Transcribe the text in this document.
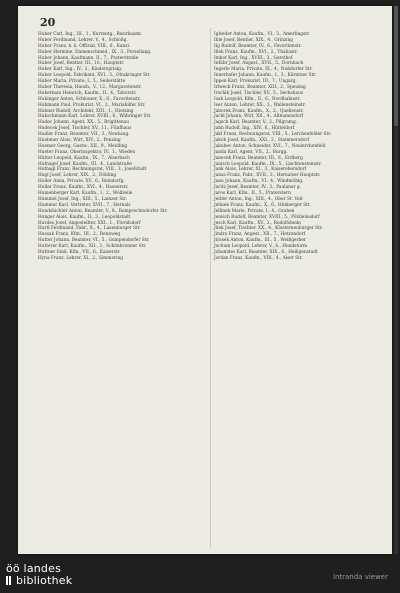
20
Huber Carl, Ing., III., 1., Kurrentg., Bezirksamt.
Huber Ferdinand, Lehrer, V., 4., Schloßg.
Huber Franz, k. k. Offizial, VIII., 6., Kanzl.
Huber Hermine, Damenschneid., IX., 3., Porzellang.
Huber Johann, Kaufmann, II., 7., Praterstraße
Huber Josef, Rentier, III., 10., Hauptstr.
Huber Karl, Ing., IV., 2., Kinderspitalg.
Huber Leopold, Fabrikant, XVI., 3., Ottakringer Str.
Huber Maria, Private, I., 5., Seilerstätte
Huber Theresia, Haush., V., 12., Margaretenstr.
Huberman Heinrich, Kaufm., II., 4., Taborstr.
Hubinger Anton, Schlosser, X., 8., Favoritenstr.
Hubmann Paul, Prokurist, VI., 2., Mariahilfer Str.
Hubner Rudolf, Architekt, XIII., 1., Hietzing
Hubschmann Karl, Lehrer, XVIII., 6., Währinger Str.
Hudec Johann, Agent, XX., 5., Brigittenau
Hudecek Josef, Tischler, XV., 11., Fünfhaus
Hudler Franz, Beamter, VII., 3., Neubaug.
Huebmer Alois, Wirt, XIV., 2., Penzing
Huemer Georg, Gastw., XII., 9., Meidling
Hueter Franz, Oberinspektor, IV., 1., Wieden
Hütter Leopold, Kaufm., IX., 7., Alserbach
Hufnagel Josef, Kaufm., III., 4., Landstraße
Hufnagl Franz, Rechnungsrat, VIII., 3., Josefstadt
Hugl Josef, Lehrer, XIX., 2., Döbling
Huller Anna, Private, XV., 6., Reindorfg.
Huller Franz, Kaufm., XVI., 4., Hasnerstr.
Humenberger Karl, Kaufm., I., 2., Wollzeile
Hummel Josef, Ing., XIII., 5., Lainzer Str.
Hummer Karl, Vertreter, XVII., 7., Hernals
Hundsbichler Anton, Beamter, V., 8., Reinprechtsdorfer Str.
Hunger Alois, Kaufm., II., 3., Leopoldstadt
Hurdes Josef, Angestellter, XXI., 1., Floridsdorf
Hurtl Ferdinand, Fabr., X., 4., Laxenburger Str.
Hussak Franz, Kfm., III., 2., Rennweg
Hutter Johann, Beamter, VI., 5., Gumpendorfer Str.
Hutterer Karl, Kaufm., XII., 3., Schönbrunner Str.
Huttner Emil, Kfm., VII., 6., Kaiserstr.
Hyna Franz, Lehrer, XI., 2., Simmering
Iglseder Anton, Kaufm., VI., 3., Amerlingstr.
Ihle Josef, Rentier, XIX., 4., Grinzing
Ilg Rudolf, Beamter, IV., 6., Favoritenstr.
Illek Franz, Kaufm., XVI., 2., Thaliastr.
Imhof Karl, Ing., XVIII., 3., Gersthof
Inführ Josef, Angest., XVII., 5., Dornbach
Ingerle Maria, Private, IX., 4., Nußdorfer Str.
Innerhofer Johann, Kaufm., I., 3., Kärntner Str.
Ippen Karl, Prokurist, III., 7., Ungarg.
Irlweck Franz, Beamter, XIII., 2., Speising
Irschik Josef, Tischler, XV., 5., Sechshaus
Isak Leopold, Kfm., II., 6., Nordbahnstr.
Iser Anton, Lehrer, XX., 3., Wallensteinstr.
Jaborek Franz, Kaufm., X., 2., Quellenstr.
Jackl Johann, Wirt, XII., 4., Altmannsdorf
Jagsch Karl, Beamter, V., 2., Pilgramg.
Jahn Rudolf, Ing., XIV., 6., Hütteldorf
Jakl Franz, Rechnungsrat, VIII., 5., Lerchenfelder Str.
Jakob Josef, Kaufm., XXI., 2., Stammersdorf
Jakubec Anton, Schneider, XVI., 7., Neulerchenfeld
Janda Karl, Agent, VII., 2., Burgg.
Janecek Franz, Beamter, III., 8., Erdberg
Janisch Leopold, Kaufm., IX., 5., Liechtensteinstr.
Jank Alois, Lehrer, XI., 3., Kaiserebersdorf
Jansa Franz, Fabr., XVII., 2., Hernalser Hauptstr.
Janu Johann, Kaufm., VI., 4., Windmühlg.
Jaritz Josef, Beamter, IV., 3., Paulaner g.
Jaros Karl, Kfm., II., 5., Praterstern
Jeitler Anton, Ing., XIII., 4., Ober St. Veit
Jelinek Franz, Kaufm., X., 6., Himberger Str.
Jellinek Marie, Private, I., 4., Graben
Jenisch Rudolf, Beamter, XVIII., 5., Pötzleinsdorf
Jesch Karl, Kaufm., XV., 2., Rudolfsheim
Jilek Josef, Tischler, XX., 4., Klosterneuburger Str.
Jindra Franz, Angest., XII., 7., Hetzendorf
Jirasek Anton, Kaufm., III., 5., Weißgerber
Jochum Leopold, Lehrer, V., 6., Hundsturm
Johanides Karl, Beamter, XIX., 6., Heiligenstadt
Jordan Franz, Kaufm., VIII., 4., Alser Str.
öö landes
bibliothek	intranda viewer
